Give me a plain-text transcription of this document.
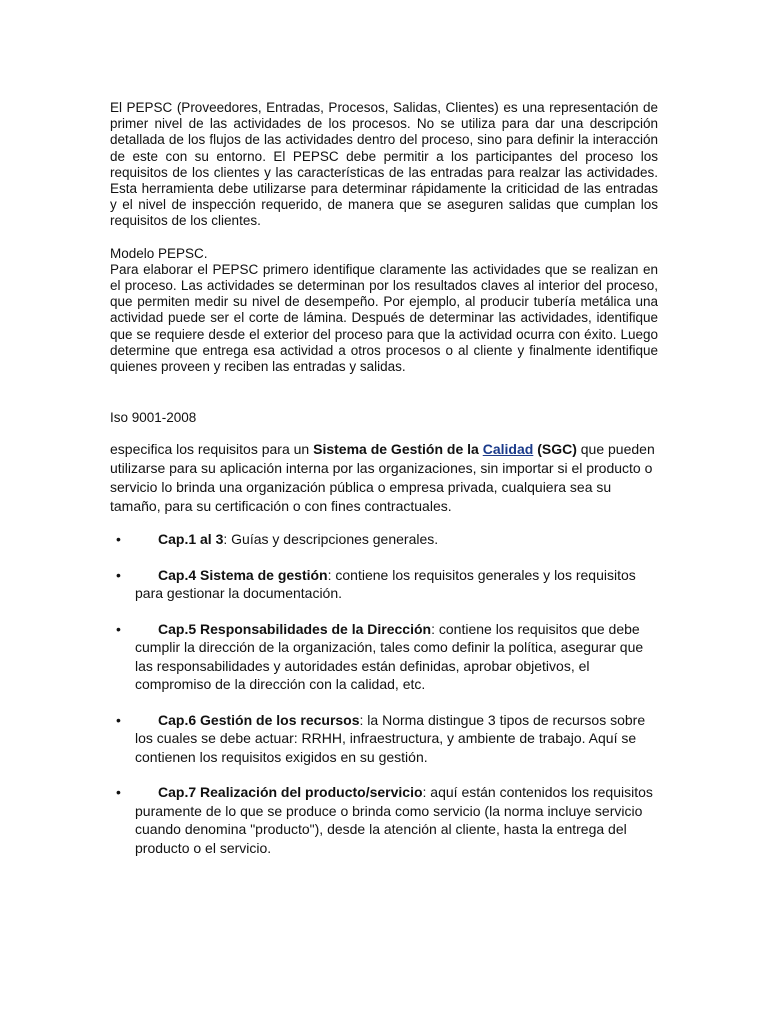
El PEPSC (Proveedores, Entradas, Procesos, Salidas, Clientes) es una representación de primer nivel de las actividades de los procesos. No se utiliza para dar una descripción detallada de los flujos de las actividades dentro del proceso, sino para definir la interacción de este con su entorno. El PEPSC debe permitir a los participantes del proceso los requisitos de los clientes y las características de las entradas para realzar las actividades. Esta herramienta debe utilizarse para determinar rápidamente la criticidad de las entradas y el nivel de inspección requerido, de manera que se aseguren salidas que cumplan los requisitos de los clientes.

Modelo PEPSC.

Para elaborar el PEPSC primero identifique claramente las actividades que se realizan en el proceso. Las actividades se determinan por los resultados claves al interior del proceso, que permiten medir su nivel de desempeño. Por ejemplo, al producir tubería metálica una actividad puede ser el corte de lámina. Después de determinar las actividades, identifique que se requiere desde el exterior del proceso para que la actividad ocurra con éxito. Luego determine que entrega esa actividad a otros procesos o al cliente y finalmente identifique quienes proveen y reciben las entradas y salidas.

Iso 9001-2008

especifica los requisitos para un Sistema de Gestión de la Calidad (SGC) que pueden utilizarse para su aplicación interna por las organizaciones, sin importar si el producto o servicio lo brinda una organización pública o empresa privada, cualquiera sea su tamaño, para su certificación o con fines contractuales.

•	Cap.1 al 3: Guías y descripciones generales.
•	Cap.4 Sistema de gestión: contiene los requisitos generales y los requisitos para gestionar la documentación.
•	Cap.5 Responsabilidades de la Dirección: contiene los requisitos que debe cumplir la dirección de la organización, tales como definir la política, asegurar que las responsabilidades y autoridades están definidas, aprobar objetivos, el compromiso de la dirección con la calidad, etc.
•	Cap.6 Gestión de los recursos: la Norma distingue 3 tipos de recursos sobre los cuales se debe actuar: RRHH, infraestructura, y ambiente de trabajo. Aquí se contienen los requisitos exigidos en su gestión.
•	Cap.7 Realización del producto/servicio: aquí están contenidos los requisitos puramente de lo que se produce o brinda como servicio (la norma incluye servicio cuando denomina "producto"), desde la atención al cliente, hasta la entrega del producto o el servicio.
